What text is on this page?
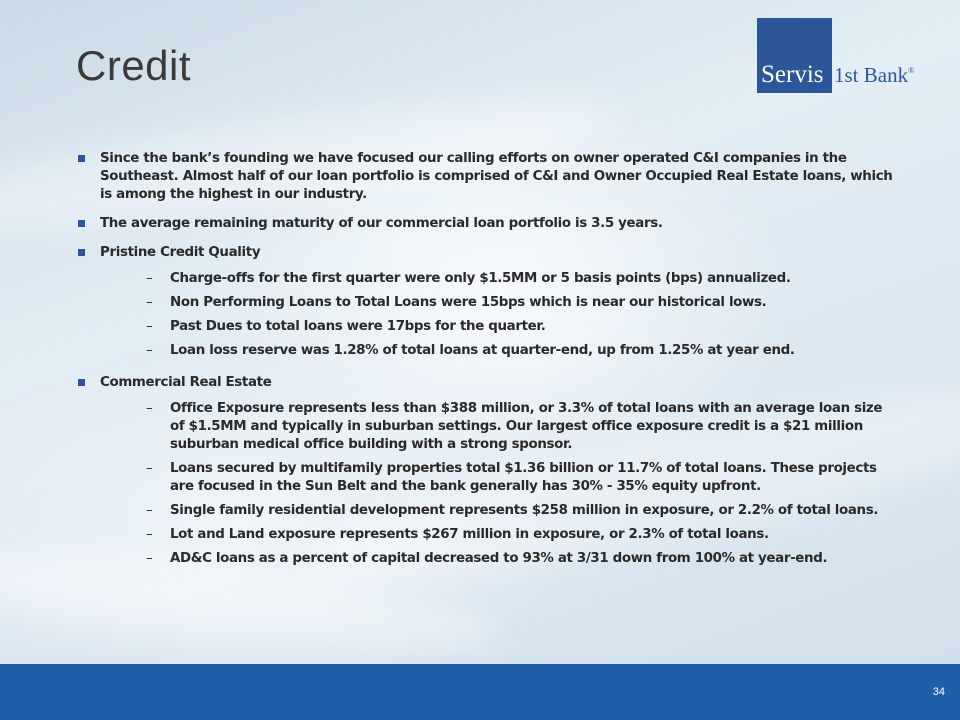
Credit	Servis 1st Bank®
Since the bank’s founding we have focused our calling efforts on owner operated C&I companies in the Southeast. Almost half of our loan portfolio is comprised of C&I and Owner Occupied Real Estate loans, which is among the highest in our industry.
The average remaining maturity of our commercial loan portfolio is 3.5 years.
Pristine Credit Quality
– Charge-offs for the first quarter were only $1.5MM or 5 basis points (bps) annualized.
– Non Performing Loans to Total Loans were 15bps which is near our historical lows.
– Past Dues to total loans were 17bps for the quarter.
– Loan loss reserve was 1.28% of total loans at quarter-end, up from 1.25% at year end.
Commercial Real Estate
– Office Exposure represents less than $388 million, or 3.3% of total loans with an average loan size of $1.5MM and typically in suburban settings. Our largest office exposure credit is a $21 million suburban medical office building with a strong sponsor.
– Loans secured by multifamily properties total $1.36 billion or 11.7% of total loans. These projects are focused in the Sun Belt and the bank generally has 30% - 35% equity upfront.
– Single family residential development represents $258 million in exposure, or 2.2% of total loans.
– Lot and Land exposure represents $267 million in exposure, or 2.3% of total loans.
– AD&C loans as a percent of capital decreased to 93% at 3/31 down from 100% at year-end.
34
